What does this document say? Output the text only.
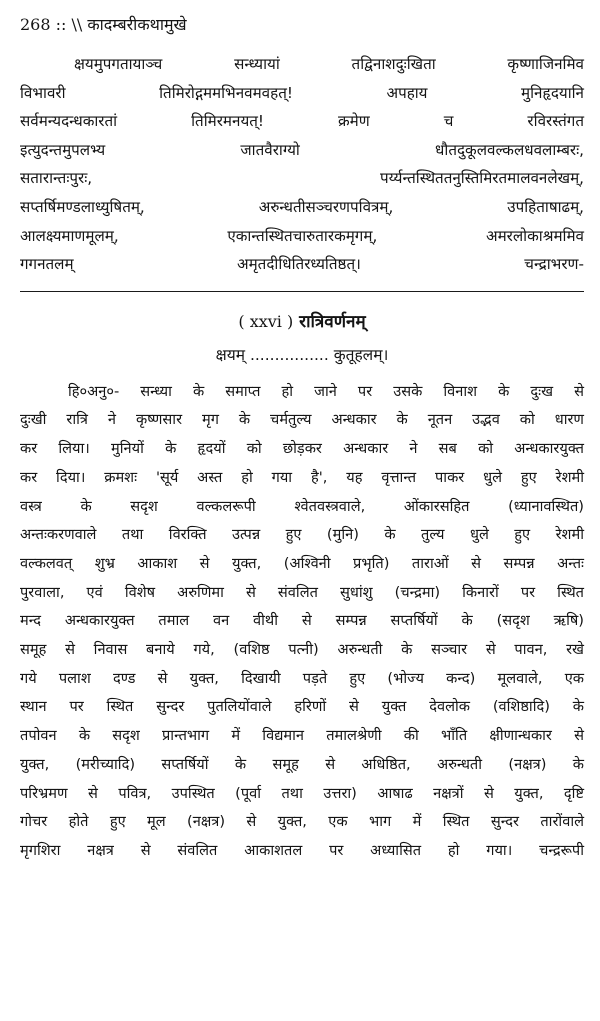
268 :: \\ कादम्बरीकथामुखे
क्षयमुपगतायाञ्च सन्ध्यायां तद्विनाशदुःखिता कृष्णाजिनमिव
विभावरी तिमिरोद्गममभिनवमवहत्! अपहाय मुनिहृदयानि
सर्वमन्यदन्धकारतां तिमिरमनयत्! क्रमेण च रविरस्तंगत
इत्युदन्तमुपलभ्य जातवैराग्यो धौतदुकूलवल्कलधवलाम्बरः,
सतारान्तःपुरः, पर्य्यन्तस्थिततनुस्तिमिरतमालवनलेखम्,
सप्तर्षिमण्डलाध्युषितम्, अरुन्धतीसञ्चरणपवित्रम्, उपहिताषाढम्,
आलक्ष्यमाणमूलम्, एकान्तस्थितचारुतारकमृगम्, अमरलोकाश्रममिव
गगनतलम् अमृतदीधितिरध्यतिष्ठत्। चन्द्राभरण-
( xxvi ) रात्रिवर्णनम्
क्षयम् ................ कुतूहलम्।
हि०अनु०- सन्ध्या के समाप्त हो जाने पर उसके विनाश के दुःख से
दुःखी रात्रि ने कृष्णसार मृग के चर्मतुल्य अन्धकार के नूतन उद्भव को धारण
कर लिया। मुनियों के हृदयों को छोड़कर अन्धकार ने सब को अन्धकारयुक्त
कर दिया। क्रमशः 'सूर्य अस्त हो गया है', यह वृत्तान्त पाकर धुले हुए रेशमी
वस्त्र के सदृश वल्कलरूपी श्वेतवस्त्रवाले, ओंकारसहित (ध्यानावस्थित)
अन्तःकरणवाले तथा विरक्ति उत्पन्न हुए (मुनि) के तुल्य धुले हुए रेशमी
वल्कलवत् शुभ्र आकाश से युक्त, (अश्विनी प्रभृति) ताराओं से सम्पन्न अन्तः
पुरवाला, एवं विशेष अरुणिमा से संवलित सुधांशु (चन्द्रमा) किनारों पर स्थित
मन्द अन्धकारयुक्त तमाल वन वीथी से सम्पन्न सप्तर्षियों के (सदृश ऋषि)
समूह से निवास बनाये गये, (वशिष्ठ पत्नी) अरुन्धती के सञ्चार से पावन, रखे
गये पलाश दण्ड से युक्त, दिखायी पड़ते हुए (भोज्य कन्द) मूलवाले, एक
स्थान पर स्थित सुन्दर पुतलियोंवाले हरिणों से युक्त देवलोक (वशिष्ठादि) के
तपोवन के सदृश प्रान्तभाग में विद्यमान तमालश्रेणी की भाँति क्षीणान्धकार से
युक्त, (मरीच्यादि) सप्तर्षियों के समूह से अधिष्ठित, अरुन्धती (नक्षत्र) के
परिभ्रमण से पवित्र, उपस्थित (पूर्वा तथा उत्तरा) आषाढ नक्षत्रों से युक्त, दृष्टि
गोचर होते हुए मूल (नक्षत्र) से युक्त, एक भाग में स्थित सुन्दर तारोंवाले
मृगशिरा नक्षत्र से संवलित आकाशतल पर अध्यासित हो गया। चन्द्ररूपी
